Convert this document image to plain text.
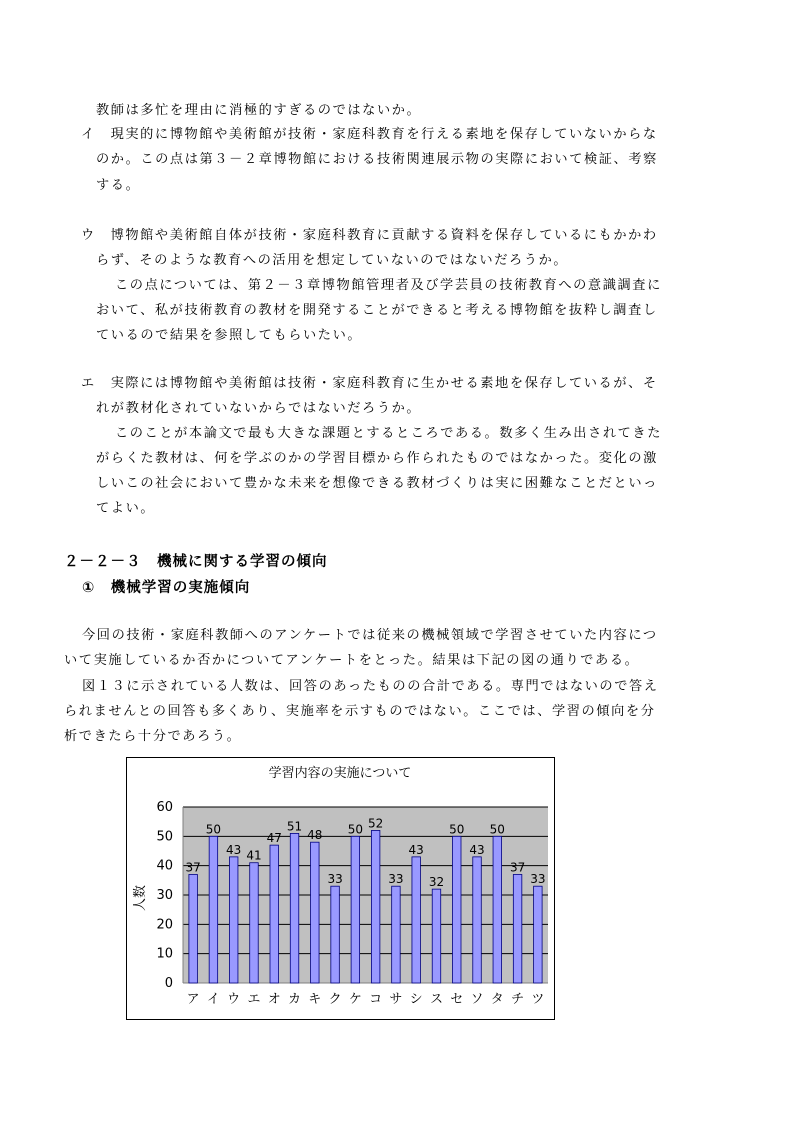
教師は多忙を理由に消極的すぎるのではないか。
イ　現実的に博物館や美術館が技術・家庭科教育を行える素地を保存していないからな
のか。この点は第３－２章博物館における技術関連展示物の実際において検証、考察
する。
ウ　博物館や美術館自体が技術・家庭科教育に貢献する資料を保存しているにもかかわ
らず、そのような教育への活用を想定していないのではないだろうか。
この点については、第２－３章博物館管理者及び学芸員の技術教育への意識調査に
おいて、私が技術教育の教材を開発することができると考える博物館を抜粋し調査し
ているので結果を参照してもらいたい。
エ　実際には博物館や美術館は技術・家庭科教育に生かせる素地を保存しているが、そ
れが教材化されていないからではないだろうか。
このことが本論文で最も大きな課題とするところである。数多く生み出されてきた
がらくた教材は、何を学ぶのかの学習目標から作られたものではなかった。変化の激
しいこの社会において豊かな未来を想像できる教材づくりは実に困難なことだといっ
てよい。
２－２－３　機械に関する学習の傾向
①　機械学習の実施傾向
今回の技術・家庭科教師へのアンケートでは従来の機械領域で学習させていた内容につ
いて実施しているか否かについてアンケートをとった。結果は下記の図の通りである。
図１３に示されている人数は、回答のあったものの合計である。専門ではないので答え
られませんとの回答も多くあり、実施率を示すものではない。ここでは、学習の傾向を分
析できたら十分であろう。
学習内容の実施について
人数
0
10
20
30
40
50
60
37
ア
50
イ
43
ウ
41
エ
47
オ
51
カ
48
キ
33
ク
50
ケ
52
コ
33
サ
43
シ
32
ス
50
セ
43
ソ
50
タ
37
チ
33
ツ
